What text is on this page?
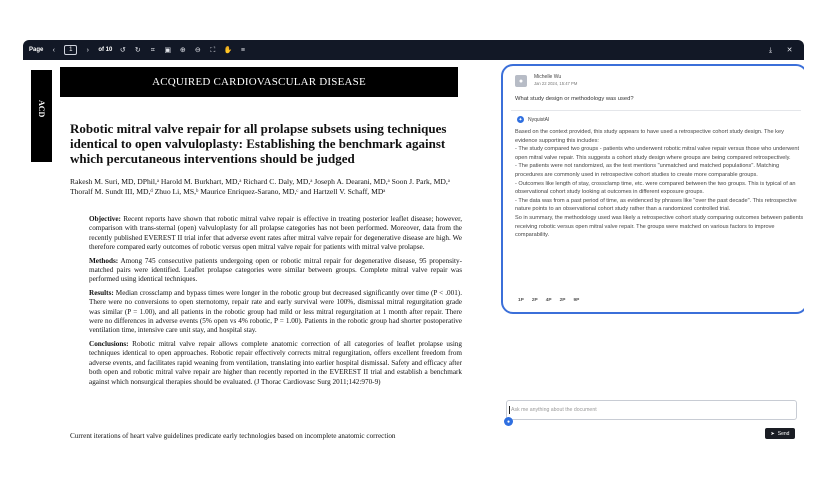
Page	‹	1	›	of 10 ↺ ↻	⌗	▣ ⊕ ⊖ ⛶ ✋	≡	⤓	✕
ACD
ACQUIRED CARDIOVASCULAR DISEASE
Robotic mitral valve repair for all prolapse subsets using techniques identical to open valvuloplasty: Establishing the benchmark against which percutaneous interventions should be judged
Rakesh M. Suri, MD, DPhil,ᵃ Harold M. Burkhart, MD,ᵃ Richard C. Daly, MD,ᵃ Joseph A. Dearani, MD,ᵃ Soon J. Park, MD,ᵃ Thoralf M. Sundt III, MD,ᵈ Zhuo Li, MS,ᵇ Maurice Enriquez-Sarano, MD,ᶜ and Hartzell V. Schaff, MDᵃ

Objective: Recent reports have shown that robotic mitral valve repair is effective in treating posterior leaflet disease; however, comparison with trans-sternal (open) valvuloplasty for all prolapse categories has not been performed. Moreover, data from the recently published EVEREST II trial infer that adverse event rates after mitral valve repair for degenerative disease are high. We therefore compared early outcomes of robotic versus open mitral valve repair for patients with mitral valve prolapse.

Methods: Among 745 consecutive patients undergoing open or robotic mitral repair for degenerative disease, 95 propensity-matched pairs were identified. Leaflet prolapse categories were similar between groups. Complete mitral valve repair was performed using identical techniques.

Results: Median crossclamp and bypass times were longer in the robotic group but decreased significantly over time (P < .001). There were no conversions to open sternotomy, repair rate and early survival were 100%, dismissal mitral regurgitation grade was similar (P = 1.00), and all patients in the robotic group had mild or less mitral regurgitation at 1 month after repair. There were no differences in adverse events (5% open vs 4% robotic, P = 1.00). Patients in the robotic group had shorter postoperative ventilation time, intensive care unit stay, and hospital stay.

Conclusions: Robotic mitral valve repair allows complete anatomic correction of all categories of leaflet prolapse using techniques identical to open approaches. Robotic repair effectively corrects mitral regurgitation, offers excellent freedom from adverse events, and facilitates rapid weaning from ventilation, translating into earlier hospital dismissal. Safety and efficacy after both open and robotic mitral valve repair are higher than recently reported in the EVEREST II trial and establish a benchmark against which nonsurgical therapies should be evaluated. (J Thorac Cardiovasc Surg 2011;142:970-9)

Current iterations of heart valve guidelines predicate early technologies based on incomplete anatomic correction
●
Michelle Wu
Jan 22 2024, 15:47 PM
What study design or methodology was used?
✦ NyquistAI
Based on the context provided, this study appears to have used a retrospective cohort study design. The key evidence supporting this includes:
- The study compared two groups - patients who underwent robotic mitral valve repair versus those who underwent open mitral valve repair. This suggests a cohort study design where groups are being compared retrospectively.
- The patients were not randomized, as the text mentions "unmatched and matched populations". Matching procedures are commonly used in retrospective cohort studies to create more comparable groups.
- Outcomes like length of stay, crossclamp time, etc. were compared between the two groups. This is typical of an observational cohort study looking at outcomes in different exposure groups.
- The data was from a past period of time, as evidenced by phrases like "over the past decade". This retrospective nature points to an observational cohort study rather than a randomized controlled trial.
So in summary, the methodology used was likely a retrospective cohort study comparing outcomes between patients receiving robotic versus open mitral valve repair. The groups were matched on various factors to improve comparability.
1P 2P 4P 2P 9P
Ask me anything about the document
●
➤ Send
